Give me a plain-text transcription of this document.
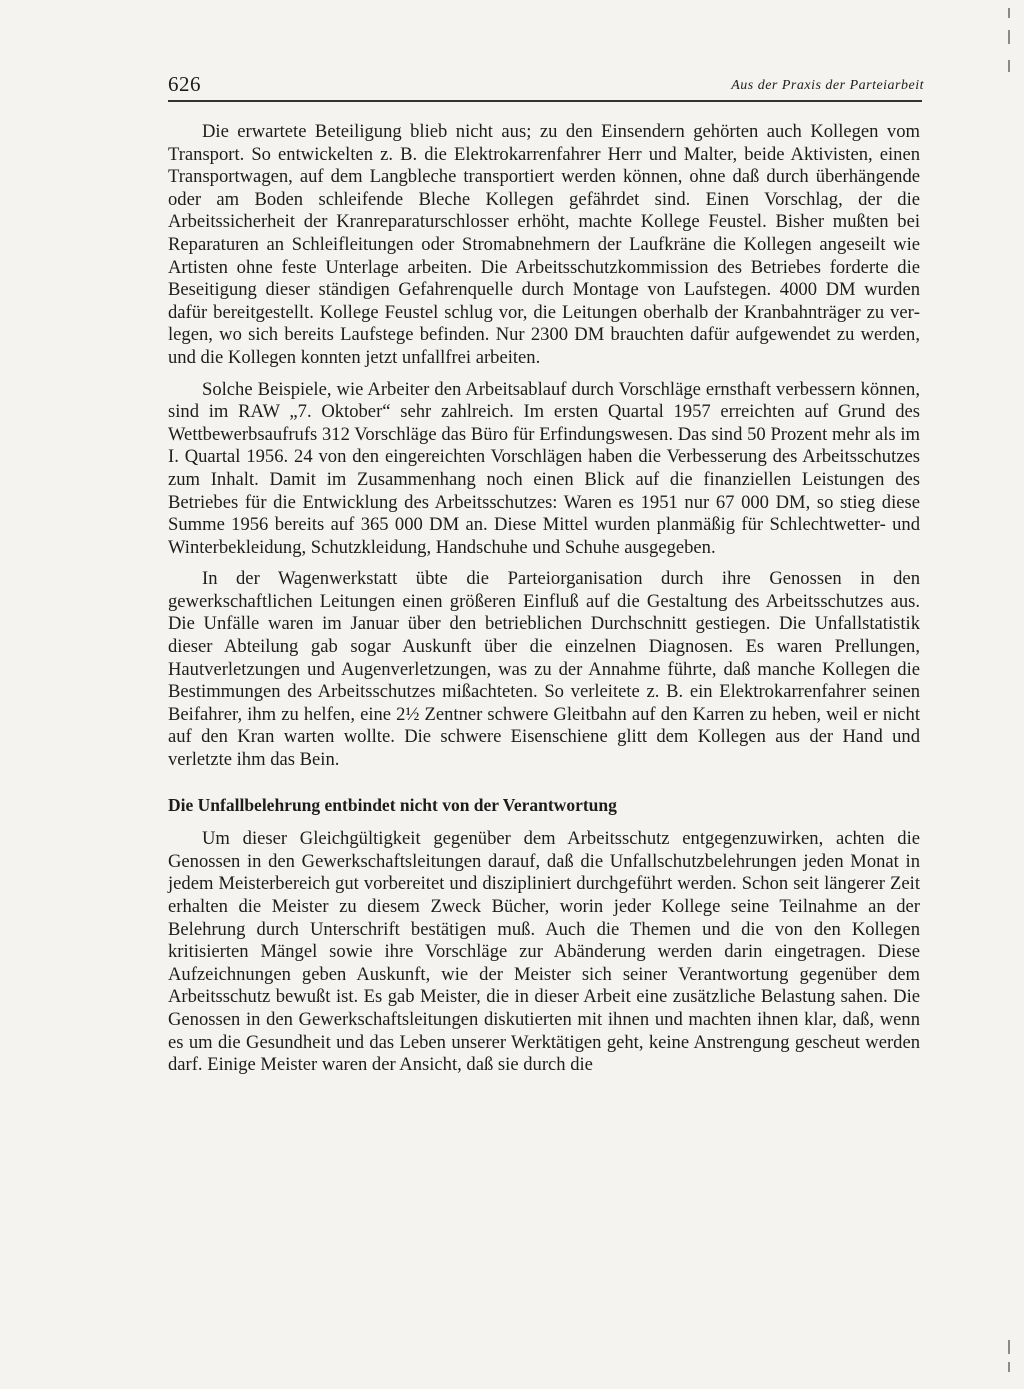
626	Aus der Praxis der Parteiarbeit

Die erwartete Beteiligung blieb nicht aus; zu den Einsendern gehörten auch Kollegen vom Transport. So entwickelten z. B. die Elektrokarrenfahrer Herr und Malter, beide Aktivisten, einen Transportwagen, auf dem Langbleche transportiert werden können, ohne daß durch überhängende oder am Boden schleifende Bleche Kollegen gefährdet sind. Einen Vorschlag, der die Arbeitssicherheit der Kranreparaturschlosser erhöht, machte Kollege Feustel. Bisher mußten bei Reparaturen an Schleifleitungen oder Stromabnehmern der Laufkräne die Kollegen angeseilt wie Artisten ohne feste Unterlage arbeiten. Die Arbeitsschutzkommission des Betriebes forderte die Beseitigung dieser ständigen Gefahrenquelle durch Montage von Laufstegen. 4000 DM wurden dafür bereitgestellt. Kollege Feustel schlug vor, die Leitungen oberhalb der Kranbahnträger zu verlegen, wo sich bereits Laufstege befinden. Nur 2300 DM brauchten dafür aufgewendet zu werden, und die Kollegen konnten jetzt unfallfrei arbeiten.

Solche Beispiele, wie Arbeiter den Arbeitsablauf durch Vorschläge ernsthaft verbessern können, sind im RAW „7. Oktober“ sehr zahlreich. Im ersten Quartal 1957 erreichten auf Grund des Wettbewerbsaufrufs 312 Vorschläge das Büro für Erfindungswesen. Das sind 50 Prozent mehr als im I. Quartal 1956. 24 von den eingereichten Vorschlägen haben die Verbesserung des Arbeitsschutzes zum Inhalt. Damit im Zusammenhang noch einen Blick auf die finanziellen Leistungen des Betriebes für die Entwicklung des Arbeitsschutzes: Waren es 1951 nur 67 000 DM, so stieg diese Summe 1956 bereits auf 365 000 DM an. Diese Mittel wurden planmäßig für Schlechtwetter- und Winterbekleidung, Schutzkleidung, Handschuhe und Schuhe ausgegeben.

In der Wagenwerkstatt übte die Parteiorganisation durch ihre Genossen in den gewerkschaftlichen Leitungen einen größeren Einfluß auf die Gestaltung des Arbeitsschutzes aus. Die Unfälle waren im Januar über den betrieblichen Durchschnitt gestiegen. Die Unfallstatistik dieser Abteilung gab sogar Auskunft über die einzelnen Diagnosen. Es waren Prellungen, Hautverletzungen und Augenverletzungen, was zu der Annahme führte, daß manche Kollegen die Bestimmungen des Arbeitsschutzes mißachteten. So verleitete z. B. ein Elektrokarrenfahrer seinen Beifahrer, ihm zu helfen, eine 2½ Zentner schwere Gleitbahn auf den Karren zu heben, weil er nicht auf den Kran warten wollte. Die schwere Eisenschiene glitt dem Kollegen aus der Hand und verletzte ihm das Bein.

Die Unfallbelehrung entbindet nicht von der Verantwortung

Um dieser Gleichgültigkeit gegenüber dem Arbeitsschutz entgegenzuwirken, achten die Genossen in den Gewerkschaftsleitungen darauf, daß die Unfallschutzbelehrungen jeden Monat in jedem Meisterbereich gut vorbereitet und diszipliniert durchgeführt werden. Schon seit längerer Zeit erhalten die Meister zu diesem Zweck Bücher, worin jeder Kollege seine Teilnahme an der Belehrung durch Unterschrift bestätigen muß. Auch die Themen und die von den Kollegen kritisierten Mängel sowie ihre Vorschläge zur Abänderung werden darin eingetragen. Diese Aufzeichnungen geben Auskunft, wie der Meister sich seiner Verantwortung gegenüber dem Arbeitsschutz bewußt ist. Es gab Meister, die in dieser Arbeit eine zusätzliche Belastung sahen. Die Genossen in den Gewerkschaftsleitungen diskutierten mit ihnen und machten ihnen klar, daß, wenn es um die Gesundheit und das Leben unserer Werktätigen geht, keine Anstrengung gescheut werden darf. Einige Meister waren der Ansicht, daß sie durch die
